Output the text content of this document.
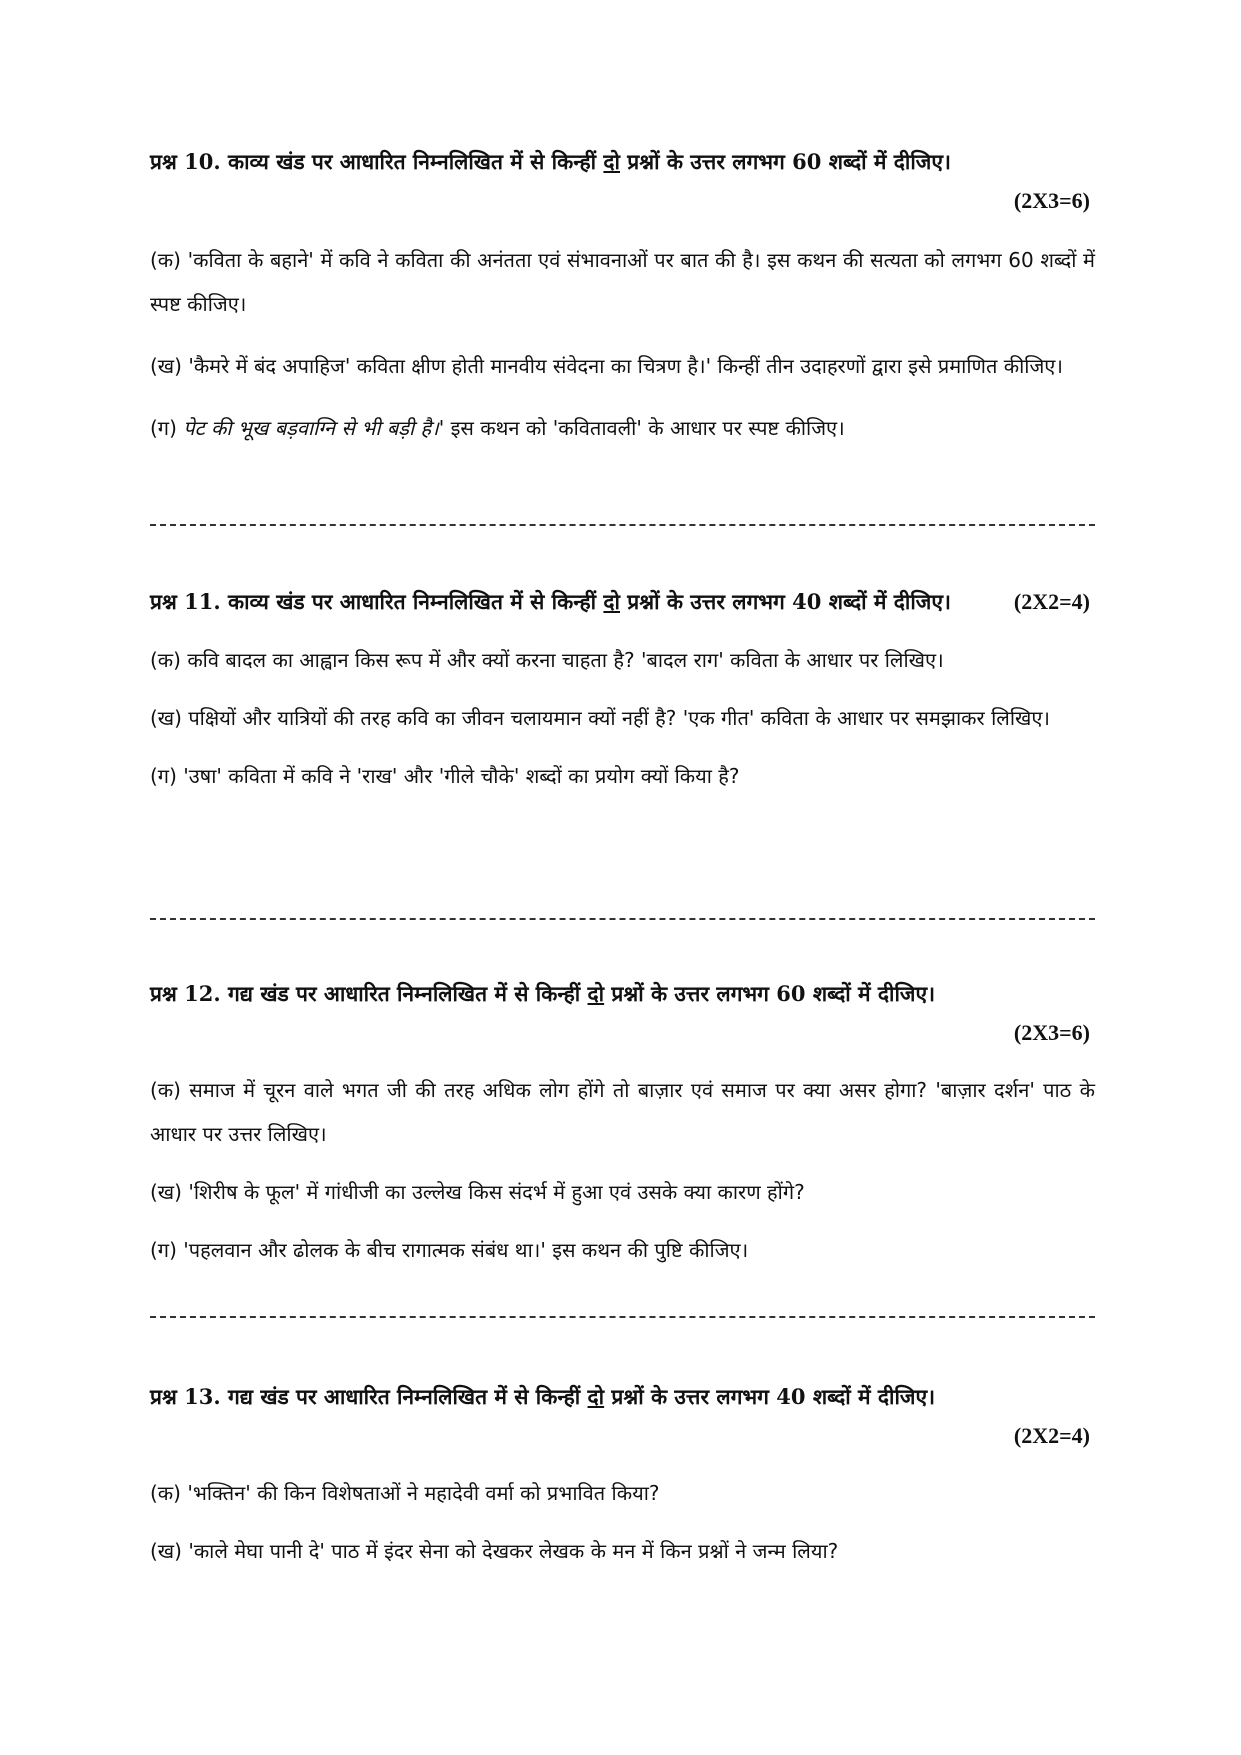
प्रश्न 10. काव्य खंड पर आधारित निम्नलिखित में से किन्हीं दो प्रश्नों के उत्तर लगभग 60 शब्दों में दीजिए।

(2X3=6)

(क) 'कविता के बहाने' में कवि ने कविता की अनंतता एवं संभावनाओं पर बात की है। इस कथन की सत्यता को लगभग 60 शब्दों में स्पष्ट कीजिए।

(ख) 'कैमरे में बंद अपाहिज' कविता क्षीण होती मानवीय संवेदना का चित्रण है।' किन्हीं तीन उदाहरणों द्वारा इसे प्रमाणित कीजिए।

(ग) पेट की भूख बड़वाग्नि से भी बड़ी है।' इस कथन को 'कवितावली' के आधार पर स्पष्ट कीजिए।

प्रश्न 11. काव्य खंड पर आधारित निम्नलिखित में से किन्हीं दो प्रश्नों के उत्तर लगभग 40 शब्दों में दीजिए।	(2X2=4)

(क) कवि बादल का आह्वान किस रूप में और क्यों करना चाहता है? 'बादल राग' कविता के आधार पर लिखिए।

(ख) पक्षियों और यात्रियों की तरह कवि का जीवन चलायमान क्यों नहीं है? 'एक गीत' कविता के आधार पर समझाकर लिखिए।

(ग) 'उषा' कविता में कवि ने 'राख' और 'गीले चौके' शब्दों का प्रयोग क्यों किया है?

प्रश्न 12. गद्य खंड पर आधारित निम्नलिखित में से किन्हीं दो प्रश्नों के उत्तर लगभग 60 शब्दों में दीजिए।

(2X3=6)

(क) समाज में चूरन वाले भगत जी की तरह अधिक लोग होंगे तो बाज़ार एवं समाज पर क्या असर होगा? 'बाज़ार दर्शन' पाठ के आधार पर उत्तर लिखिए।

(ख) 'शिरीष के फूल' में गांधीजी का उल्लेख किस संदर्भ में हुआ एवं उसके क्या कारण होंगे?

(ग) 'पहलवान और ढोलक के बीच रागात्मक संबंध था।' इस कथन की पुष्टि कीजिए।

प्रश्न 13. गद्य खंड पर आधारित निम्नलिखित में से किन्हीं दो प्रश्नों के उत्तर लगभग 40 शब्दों में दीजिए।

(2X2=4)

(क) 'भक्तिन' की किन विशेषताओं ने महादेवी वर्मा को प्रभावित किया?

(ख) 'काले मेघा पानी दे' पाठ में इंदर सेना को देखकर लेखक के मन में किन प्रश्नों ने जन्म लिया?
